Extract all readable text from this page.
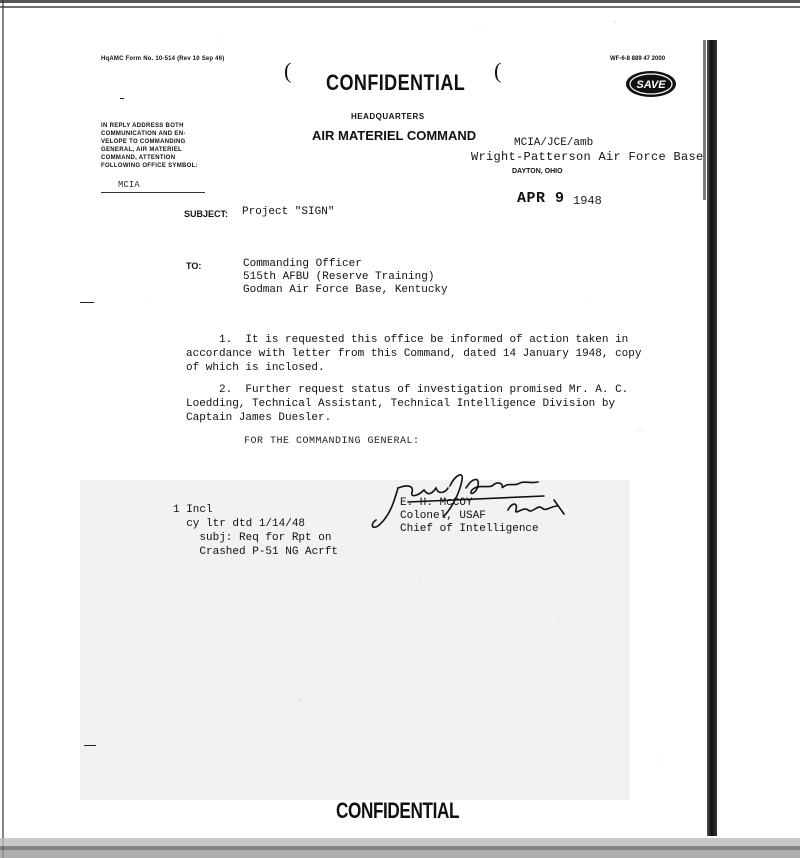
HqAMC Form No. 10-514 (Rev 10 Sep 46)	WF-6-8 889 47 2000
(	(
CONFIDENTIAL	SAVE
HEADQUARTERS
AIR MATERIEL COMMAND
IN REPLY ADDRESS BOTH
COMMUNICATION AND EN-
VELOPE TO COMMANDING
GENERAL, AIR MATERIEL
COMMAND, ATTENTION
FOLLOWING OFFICE SYMBOL:
MCIA
MCIA/JCE/amb
Wright-Patterson Air Force Base
DAYTON, OHIO
APR 9 1948
SUBJECT: Project "SIGN"
TO:	Commanding Officer
515th AFBU (Reserve Training)
Godman Air Force Base, Kentucky
1.  It is requested this office be informed of action taken in
accordance with letter from this Command, dated 14 January 1948, copy
of which is inclosed.
2.  Further request status of investigation promised Mr. A. C.
Loedding, Technical Assistant, Technical Intelligence Division by
Captain James Duesler.
FOR THE COMMANDING GENERAL:
1 Incl
cy ltr dtd 1/14/48
subj: Req for Rpt on
Crashed P-51 NG Acrft
E. H. McCOY
Colonel, USAF
Chief of Intelligence
CONFIDENTIAL
